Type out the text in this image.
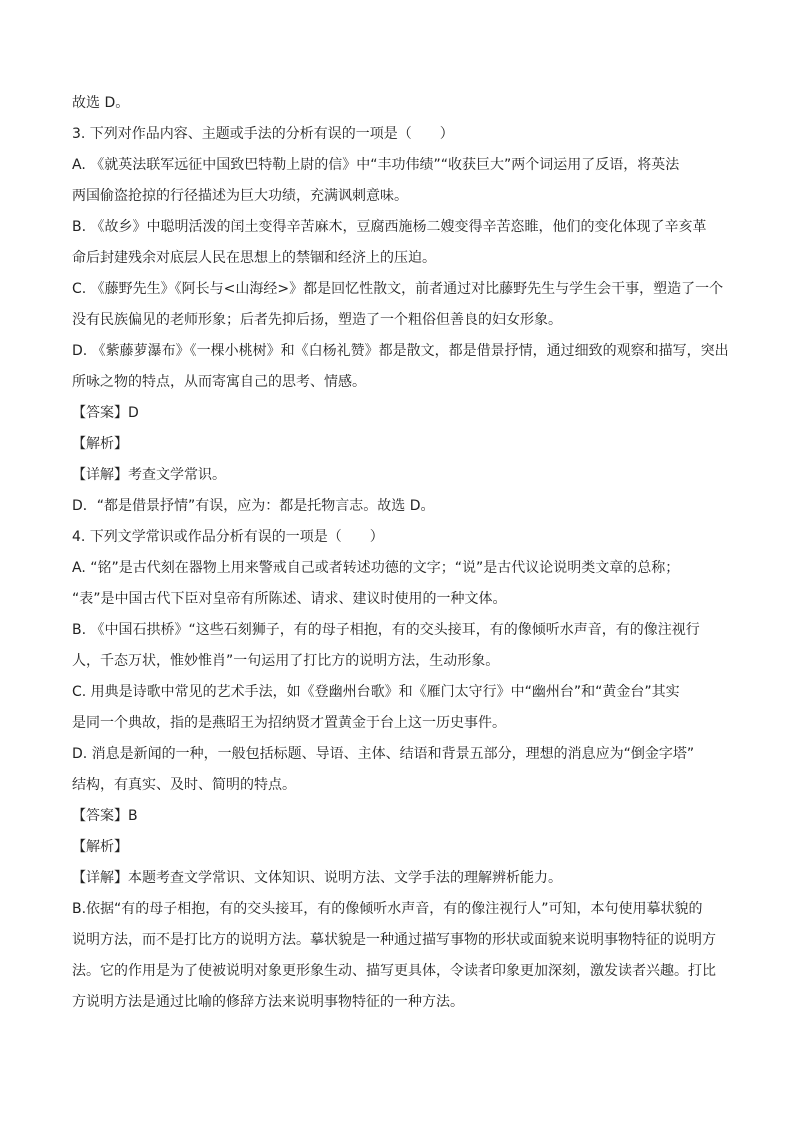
故选 D。
3. 下列对作品内容、主题或手法的分析有误的一项是（　　）
A. 《就英法联军远征中国致巴特勒上尉的信》中“丰功伟绩”“收获巨大”两个词运用了反语，将英法
两国偷盗抢掠的行径描述为巨大功绩，充满讽刺意味。
B. 《故乡》中聪明活泼的闰土变得辛苦麻木，豆腐西施杨二嫂变得辛苦恣睢，他们的变化体现了辛亥革
命后封建残余对底层人民在思想上的禁锢和经济上的压迫。
C. 《藤野先生》《阿长与<山海经>》都是回忆性散文，前者通过对比藤野先生与学生会干事，塑造了一个
没有民族偏见的老师形象；后者先抑后扬，塑造了一个粗俗但善良的妇女形象。
D. 《紫藤萝瀑布》《一棵小桃树》和《白杨礼赞》都是散文，都是借景抒情，通过细致的观察和描写，突出
所咏之物的特点，从而寄寓自己的思考、情感。
【答案】D
【解析】
【详解】考查文学常识。
D．“都是借景抒情”有误，应为：都是托物言志。故选 D。
4. 下列文学常识或作品分析有误的一项是（　　）
A. “铭”是古代刻在器物上用来警戒自己或者转述功德的文字；“说”是古代议论说明类文章的总称；
“表”是中国古代下臣对皇帝有所陈述、请求、建议时使用的一种文体。
B. 《中国石拱桥》“这些石刻狮子，有的母子相抱，有的交头接耳，有的像倾听水声音，有的像注视行
人，千态万状，惟妙惟肖”一句运用了打比方的说明方法，生动形象。
C. 用典是诗歌中常见的艺术手法，如《登幽州台歌》和《雁门太守行》中“幽州台”和“黄金台”其实
是同一个典故，指的是燕昭王为招纳贤才置黄金于台上这一历史事件。
D. 消息是新闻的一种，一般包括标题、导语、主体、结语和背景五部分，理想的消息应为“倒金字塔”
结构，有真实、及时、简明的特点。
【答案】B
【解析】
【详解】本题考查文学常识、文体知识、说明方法、文学手法的理解辨析能力。
B.依据“有的母子相抱，有的交头接耳，有的像倾听水声音，有的像注视行人”可知，本句使用摹状貌的
说明方法，而不是打比方的说明方法。摹状貌是一种通过描写事物的形状或面貌来说明事物特征的说明方
法。它的作用是为了使被说明对象更形象生动、描写更具体，令读者印象更加深刻，激发读者兴趣。打比
方说明方法是通过比喻的修辞方法来说明事物特征的一种方法。
